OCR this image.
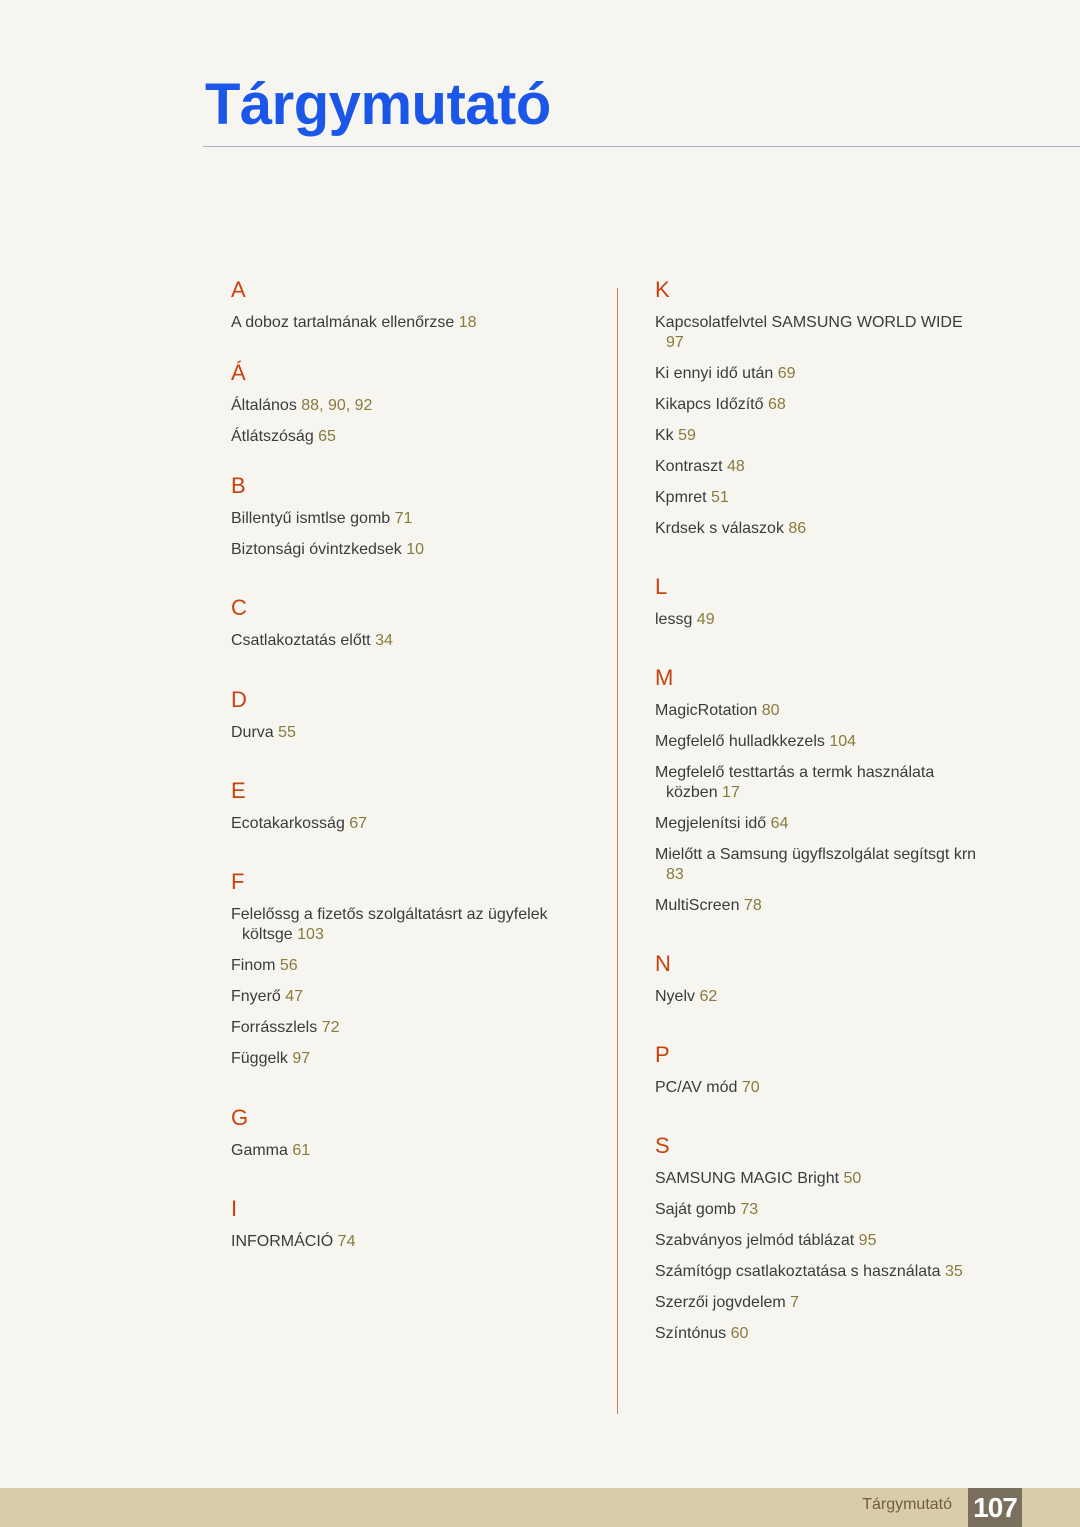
Tárgymutató
A
A doboz tartalmának ellenőrzse 18
Á
Általános 88, 90, 92
Átlátszóság 65
B
Billentyű ismtlse gomb 71
Biztonsági óvintzkedsek 10
C
Csatlakoztatás előtt 34
D
Durva 55
E
Ecotakarkosság 67
F
Felelőssg a fizetős szolgáltatásrt az ügyfelek
költsge 103
Finom 56
Fnyerő 47
Forrásszlels 72
Függelk 97
G
Gamma 61
I
INFORMÁCIÓ 74
K
Kapcsolatfelvtel SAMSUNG WORLD WIDE
97
Ki ennyi idő után 69
Kikapcs Időzítő 68
Kk 59
Kontraszt 48
Kpmret 51
Krdsek s válaszok 86
L
lessg 49
M
MagicRotation 80
Megfelelő hulladkkezels 104
Megfelelő testtartás a termk használata
közben 17
Megjelenítsi idő 64
Mielőtt a Samsung ügyflszolgálat segítsgt krn
83
MultiScreen 78
N
Nyelv 62
P
PC/AV mód 70
S
SAMSUNG MAGIC Bright 50
Saját gomb 73
Szabványos jelmód táblázat 95
Számítógp csatlakoztatása s használata 35
Szerzői jogvdelem 7
Színtónus 60
Tárgymutató 107
